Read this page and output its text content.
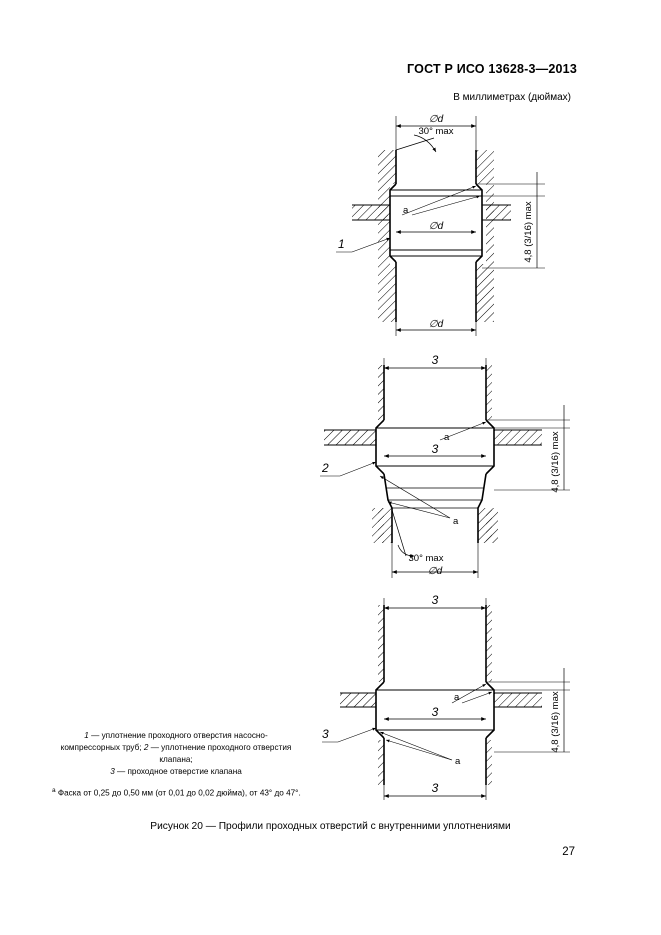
ГОСТ Р ИСО 13628-3—2013
В миллиметрах (дюймах)
∅d
30° max
a
∅d
∅d
1	4,8 (3/16) max
3
a
3
a
30° max
∅d
2	4,8 (3/16) max
3
a
3
a
3
3	4,8 (3/16) max
1 — уплотнение проходного отверстия насосно-компрессорных труб; 2 — уплотнение проходного отверстия клапана;
3 — проходное отверстие клапана
$^a$ Фаска от 0,25 до 0,50 мм (от 0,01 до 0,02 дюйма), от 43° до 47°.
Рисунок 20 — Профили проходных отверстий с внутренними уплотнениями
27
